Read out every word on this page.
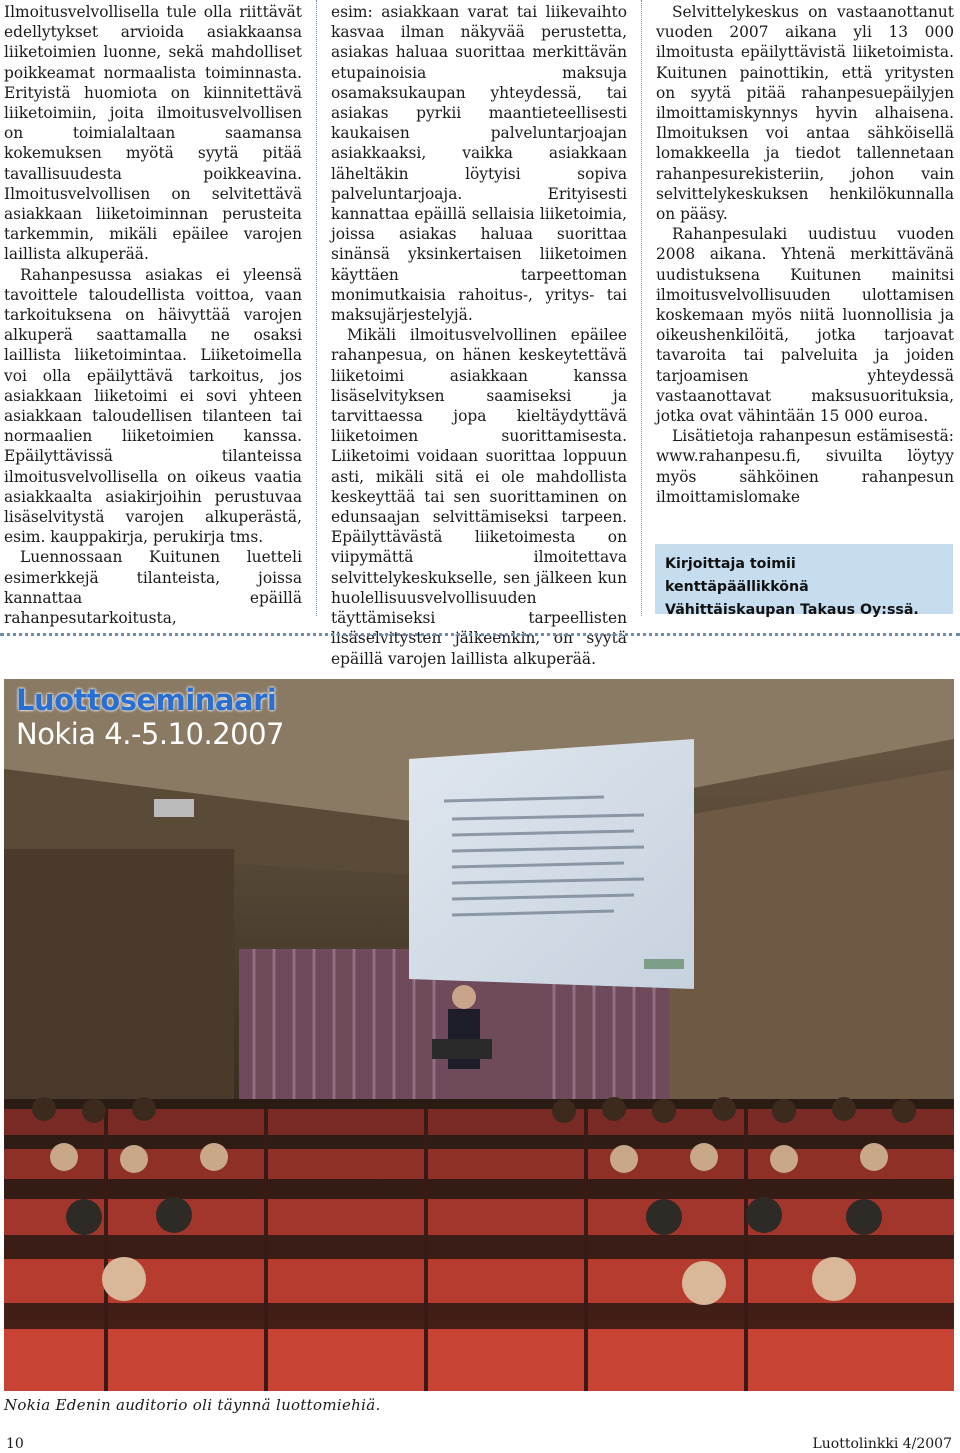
Ilmoitusvelvollisella tule olla riittävät edellytykset arvioida asiakkaansa liiketoimien luonne, sekä mahdolliset poikkeamat normaalista toiminnasta. Erityistä huomiota on kiinnitettävä liiketoimiin, joita ilmoitusvelvollisen on toimialaltaan saamansa kokemuksen myötä syytä pitää tavallisuudesta poikkeavina. Ilmoitusvelvollisen on selvitettävä asiakkaan liiketoiminnan perusteita tarkemmin, mikäli epäilee varojen laillista alkuperää.

Rahanpesussa asiakas ei yleensä tavoittele taloudellista voittoa, vaan tarkoituksena on häivyttää varojen alkuperä saattamalla ne osaksi laillista liiketoimintaa. Liiketoimella voi olla epäilyttävä tarkoitus, jos asiakkaan liiketoimi ei sovi yhteen asiakkaan taloudellisen tilanteen tai normaalien liiketoimien kanssa. Epäilyttävissä tilanteissa ilmoitusvelvollisella on oikeus vaatia asiakkaalta asiakirjoihin perustuvaa lisäselvitystä varojen alkuperästä, esim. kauppakirja, perukirja tms.

Luennossaan Kuitunen luetteli esimerkkejä tilanteista, joissa kannattaa epäillä rahanpesutarkoitusta,

esim: asiakkaan varat tai liikevaihto kasvaa ilman näkyvää perustetta, asiakas haluaa suorittaa merkittävän etupainoisia maksuja osamaksukaupan yhteydessä, tai asiakas pyrkii maantieteellisesti kaukaisen palveluntarjoajan asiakkaaksi, vaikka asiakkaan läheltäkin löytyisi sopiva palveluntarjoaja. Erityisesti kannattaa epäillä sellaisia liiketoimia, joissa asiakas haluaa suorittaa sinänsä yksinkertaisen liiketoimen käyttäen tarpeettoman monimutkaisia rahoitus-, yritys- tai maksujärjestelyjä.

Mikäli ilmoitusvelvollinen epäilee rahanpesua, on hänen keskeytettävä liiketoimi asiakkaan kanssa lisäselvityksen saamiseksi ja tarvittaessa jopa kieltäydyttävä liiketoimen suorittamisesta. Liiketoimi voidaan suorittaa loppuun asti, mikäli sitä ei ole mahdollista keskeyttää tai sen suorittaminen on edunsaajan selvittämiseksi tarpeen. Epäilyttävästä liiketoimesta on viipymättä ilmoitettava selvittelykeskukselle, sen jälkeen kun huolellisuusvelvollisuuden täyttämiseksi tarpeellisten lisäselvitysten jälkeenkin, on syytä epäillä varojen laillista alkuperää.

Selvittelykeskus on vastaanottanut vuoden 2007 aikana yli 13 000 ilmoitusta epäilyttävistä liiketoimista. Kuitunen painottikin, että yritysten on syytä pitää rahanpesuepäilyjen ilmoittamiskynnys hyvin alhaisena. Ilmoituksen voi antaa sähköisellä lomakkeella ja tiedot tallennetaan rahanpesurekisteriin, johon vain selvittelykeskuksen henkilökunnalla on pääsy.

Rahanpesulaki uudistuu vuoden 2008 aikana. Yhtenä merkittävänä uudistuksena Kuitunen mainitsi ilmoitusvelvollisuuden ulottamisen koskemaan myös niitä luonnollisia ja oikeushenkilöitä, jotka tarjoavat tavaroita tai palveluita ja joiden tarjoamisen yhteydessä vastaanottavat maksusuorituksia, jotka ovat vähintään 15 000 euroa.

Lisätietoja rahanpesun estämisestä: www.rahanpesu.fi, sivuilta löytyy myös sähköinen rahanpesun ilmoittamislomake

Kirjoittaja toimii kenttäpäällikkönä Vähittäiskaupan Takaus Oy:ssä.
Luottoseminaari
Nokia 4.-5.10.2007
Nokia Edenin auditorio oli täynnä luottomiehiä.
10	Luottolinkki 4/2007
